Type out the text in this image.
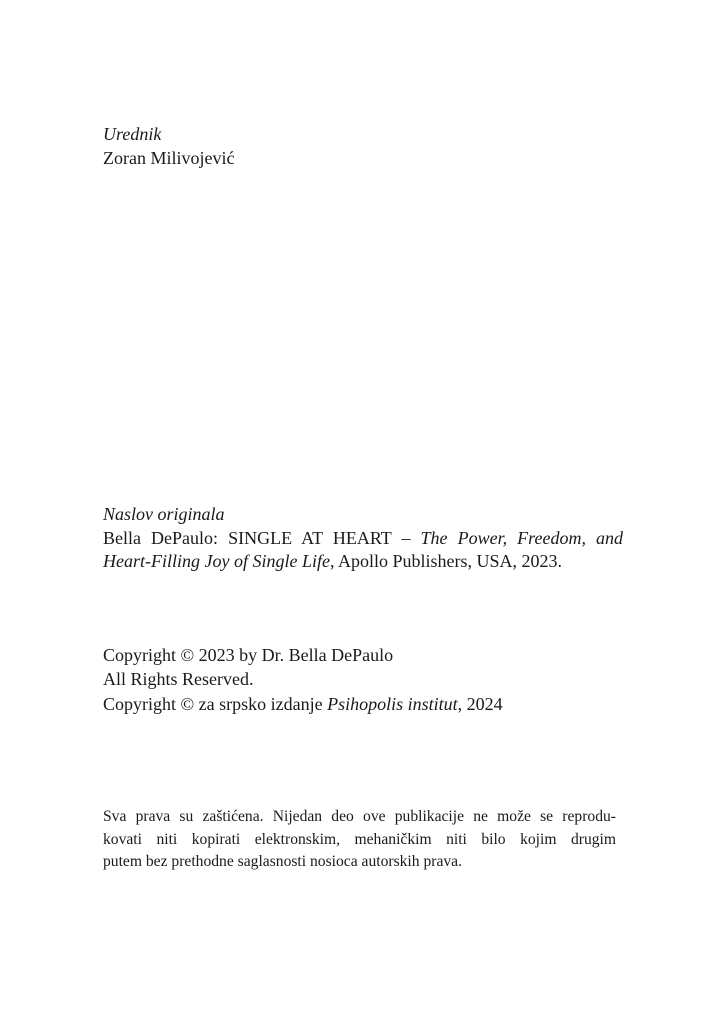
Urednik
Zoran Milivojević
Naslov originala
Bella DePaulo: SINGLE AT HEART – The Power, Freedom, and
Heart-Filling Joy of Single Life, Apollo Publishers, USA, 2023.
Copyright © 2023 by Dr. Bella DePaulo
All Rights Reserved.
Copyright © za srpsko izdanje Psihopolis institut, 2024
Sva prava su zaštićena. Nijedan deo ove publikacije ne može se reprodu-
kovati niti kopirati elektronskim, mehaničkim niti bilo kojim drugim
putem bez prethodne saglasnosti nosioca autorskih prava.
